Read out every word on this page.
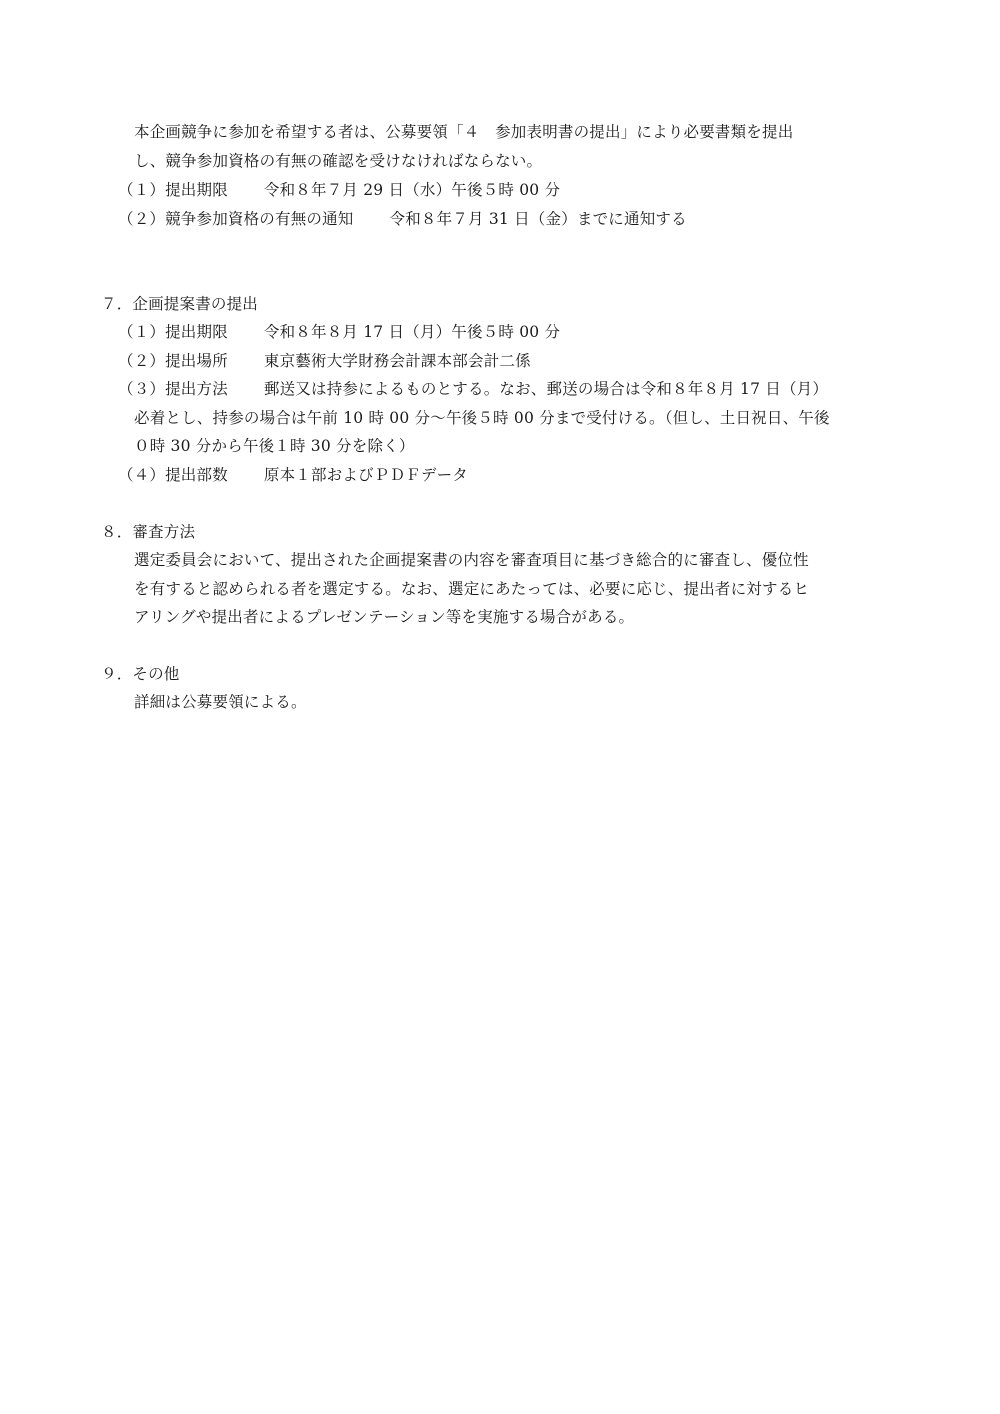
本企画競争に参加を希望する者は、公募要領「４　参加表明書の提出」により必要書類を提出
し、競争参加資格の有無の確認を受けなければならない。
（１）提出期限 令和８年７月 29 日（水）午後５時 00 分
（２）競争参加資格の有無の通知 令和８年７月 31 日（金）までに通知する
７．企画提案書の提出
（１）提出期限 令和８年８月 17 日（月）午後５時 00 分
（２）提出場所 東京藝術大学財務会計課本部会計二係
（３）提出方法 郵送又は持参によるものとする。なお、郵送の場合は令和８年８月 17 日（月）
必着とし、持参の場合は午前 10 時 00 分～午後５時 00 分まで受付ける。（但し、土日祝日、午後
０時 30 分から午後１時 30 分を除く）
（４）提出部数 原本１部およびＰＤＦデータ
８．審査方法
選定委員会において、提出された企画提案書の内容を審査項目に基づき総合的に審査し、優位性
を有すると認められる者を選定する。なお、選定にあたっては、必要に応じ、提出者に対するヒ
アリングや提出者によるプレゼンテーション等を実施する場合がある。
９．その他
詳細は公募要領による。
